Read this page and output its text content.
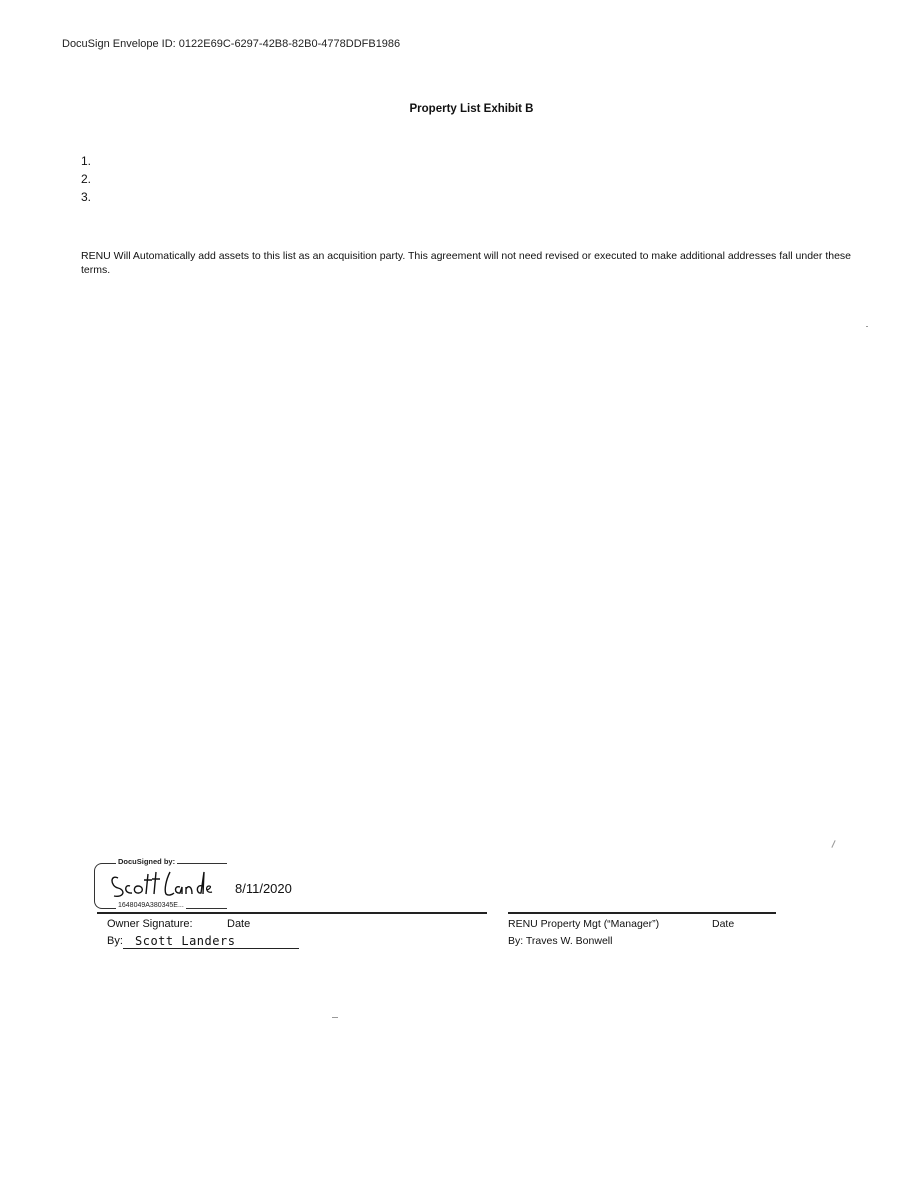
DocuSign Envelope ID: 0122E69C-6297-42B8-82B0-4778DDFB1986
Property List Exhibit B
1.
2.
3.
RENU Will Automatically add assets to this list as an acquisition party. This agreement will not need revised or executed to make additional addresses fall under these terms.
DocuSigned by:
1648049A380345E...
8/11/2020
Owner Signature:	Date
By:	Scott Landers
RENU Property Mgt (“Manager”)	Date
By: Traves W. Bonwell
